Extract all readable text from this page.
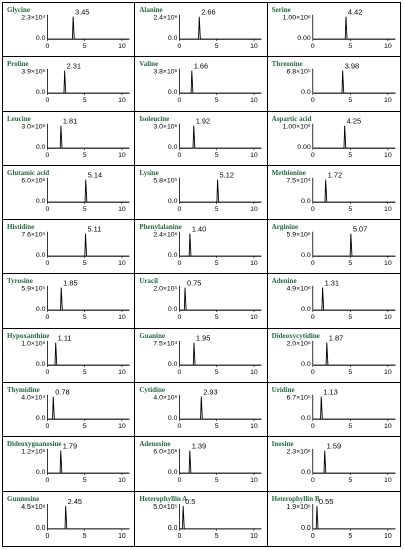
Glycine
2.3×10⁴
0.0
0	5	10
3.45	Alanine
2.4×10⁶
0.0
0	5	10
2.66	Serine
1.00×10⁶
0.00
0	5	10
4.42
Proline
3.9×10⁶
0.0
0	5	10
2.31	Valine
3.8×10⁶
0.0
0	5	10
1.66	Threonine
6.8×10⁵
0.0
0	5	10
3.98
Leucine
3.0×10⁶
0.0
0	5	10
1.81	Isoleucine
3.0×10⁶
0.0
0	5	10
1.92	Aspartic acid
1.00×10⁶
0.00
0	5	10
4.25
Glutamic acid
6.0×10⁶
0.0
0	5	10
5.14	Lysine
5.8×10⁵
0.0
0	5	10
5.12	Methionine
7.5×10⁴
0.0
0	5	10
1.72
Histidine
7.6×10⁵
0.0
0	5	10
5.11	Phenylalanine
2.4×10⁶
0.0
0	5	10
1.40	Arginine
5.9×10⁶
0.0
0	5	10
5.07
Tyrosine
5.9×10⁵
0.0
0	5	10
1.85	Uracil
2.0×10⁵
0.0
0	5	10
0.75	Adenine
4.9×10⁶
0.0
0	5	10
1.31
Hypoxanthine
1.0×10⁶
0.0
0	5	10
1.11	Guanine
7.5×10⁴
0.0
0	5	10
1.95	Dideoxycytidine
2.0×10⁶
0.0
0	5	10
1.87
Thymidine
4.0×10⁴
0.0
0	5	10
0.78	Cytidine
4.0×10⁶
0.0
0	5	10
2.93	Uridine
6.7×10⁵
0.0
0	5	10
1.13
Dideoxyguanosine
1.2×10⁶
0.0
0	5	10
1.79	Adenosine
6.0×10⁶
0.0
0	5	10
1.39	Inosine
2.3×10⁶
0.0
0	5	10
1.59
Gunnosine
4.5×10⁶
0.0
0	5	10
2.45	Heterophyllin A
5.0×10⁵
0.0
0	5	10
0.5	Heterophyllin B
1.9×10⁶
0.0
0	5	10
0.55
